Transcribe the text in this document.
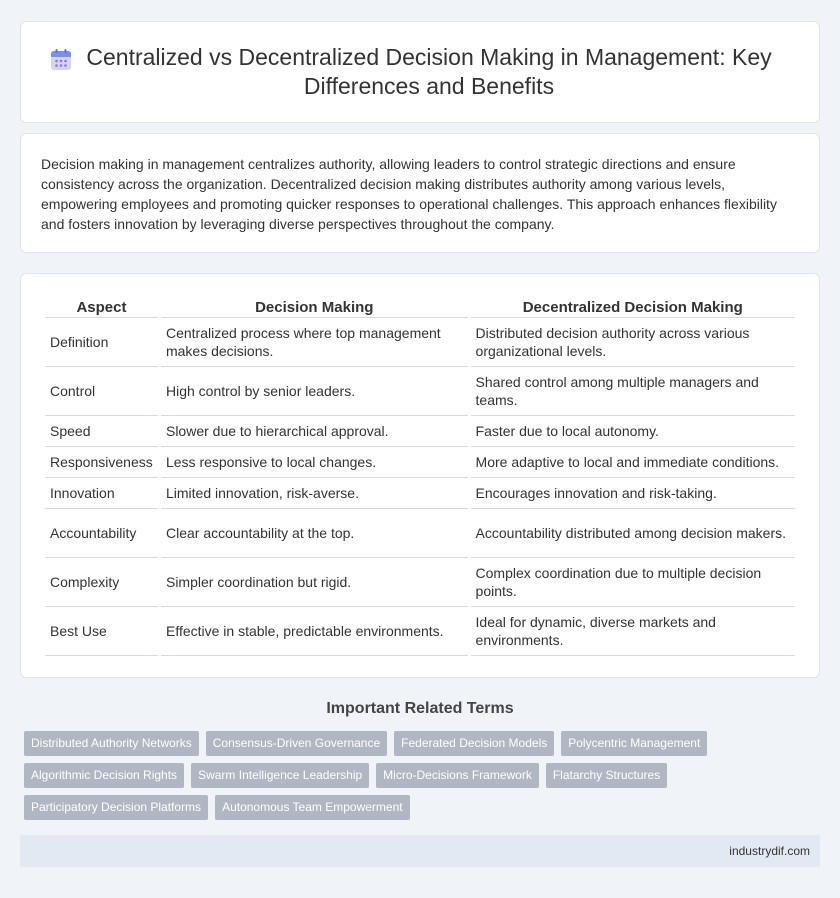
Centralized vs Decentralized Decision Making in Management: Key Differences and Benefits

Decision making in management centralizes authority, allowing leaders to control strategic directions and ensure consistency across the organization. Decentralized decision making distributes authority among various levels, empowering employees and promoting quicker responses to operational challenges. This approach enhances flexibility and fosters innovation by leveraging diverse perspectives throughout the company.

Aspect	Decision Making	Decentralized Decision Making
Definition	Centralized process where top management makes decisions.	Distributed decision authority across various organizational levels.
Control	High control by senior leaders.	Shared control among multiple managers and teams.
Speed	Slower due to hierarchical approval.	Faster due to local autonomy.
Responsiveness	Less responsive to local changes.	More adaptive to local and immediate conditions.
Innovation	Limited innovation, risk-averse.	Encourages innovation and risk-taking.
Accountability	Clear accountability at the top.	Accountability distributed among decision makers.
Complexity	Simpler coordination but rigid.	Complex coordination due to multiple decision points.
Best Use	Effective in stable, predictable environments.	Ideal for dynamic, diverse markets and environments.
Important Related Terms
Distributed Authority Networks	Consensus-Driven Governance	Federated Decision Models	Polycentric Management
Algorithmic Decision Rights	Swarm Intelligence Leadership	Micro-Decisions Framework	Flatarchy Structures
Participatory Decision Platforms	Autonomous Team Empowerment
industrydif.com
